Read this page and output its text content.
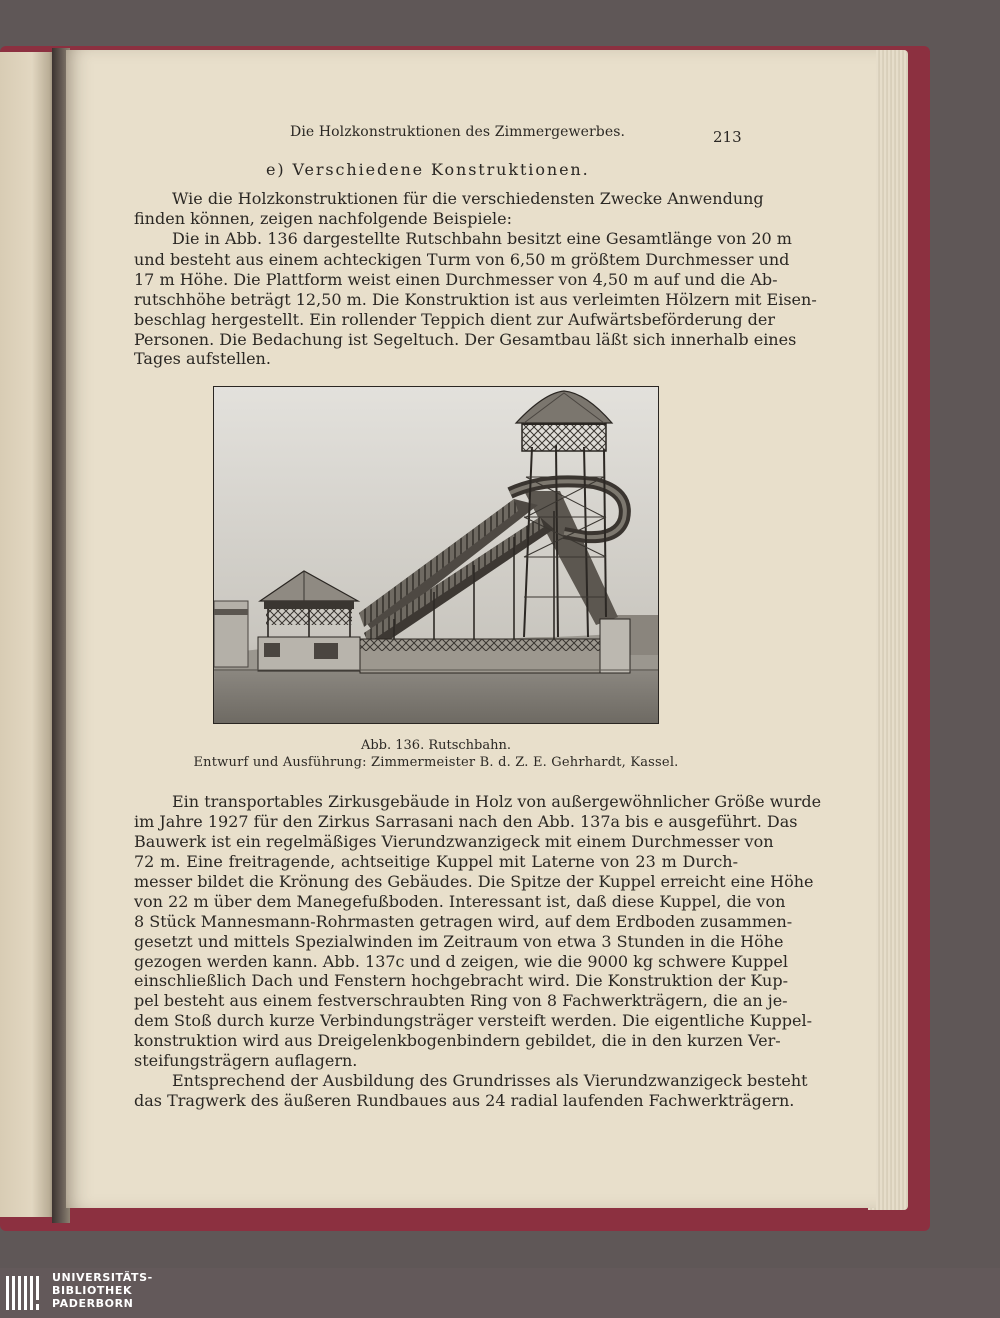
Die Holzkonstruktionen des Zimmergewerbes.	213
e) Verschiedene Konstruktionen.
Wie die Holzkonstruktionen für die verschiedensten Zwecke Anwendung
finden können, zeigen nachfolgende Beispiele:
Die in Abb. 136 dargestellte Rutschbahn besitzt eine Gesamtlänge von 20 m
und besteht aus einem achteckigen Turm von 6,50 m größtem Durchmesser und
17 m Höhe. Die Plattform weist einen Durchmesser von 4,50 m auf und die Ab-
rutschhöhe beträgt 12,50 m. Die Konstruktion ist aus verleimten Hölzern mit Eisen-
beschlag hergestellt. Ein rollender Teppich dient zur Aufwärtsbeförderung der
Personen. Die Bedachung ist Segeltuch. Der Gesamtbau läßt sich innerhalb eines
Tages aufstellen.
Abb. 136. Rutschbahn.
Entwurf und Ausführung: Zimmermeister B. d. Z. E. Gehrhardt, Kassel.
Ein transportables Zirkusgebäude in Holz von außergewöhnlicher Größe wurde
im Jahre 1927 für den Zirkus Sarrasani nach den Abb. 137a bis e ausgeführt. Das
Bauwerk ist ein regelmäßiges Vierundzwanzigeck mit einem Durchmesser von
72 m. Eine freitragende, achtseitige Kuppel mit Laterne von 23 m Durch-
messer bildet die Krönung des Gebäudes. Die Spitze der Kuppel erreicht eine Höhe
von 22 m über dem Manegefußboden. Interessant ist, daß diese Kuppel, die von
8 Stück Mannesmann-Rohrmasten getragen wird, auf dem Erdboden zusammen-
gesetzt und mittels Spezialwinden im Zeitraum von etwa 3 Stunden in die Höhe
gezogen werden kann. Abb. 137c und d zeigen, wie die 9000 kg schwere Kuppel
einschließlich Dach und Fenstern hochgebracht wird. Die Konstruktion der Kup-
pel besteht aus einem festverschraubten Ring von 8 Fachwerkträgern, die an je-
dem Stoß durch kurze Verbindungsträger versteift werden. Die eigentliche Kuppel-
konstruktion wird aus Dreigelenkbogenbindern gebildet, die in den kurzen Ver-
steifungsträgern auflagern.
Entsprechend der Ausbildung des Grundrisses als Vierundzwanzigeck besteht
das Tragwerk des äußeren Rundbaues aus 24 radial laufenden Fachwerkträgern.
UNIVERSITÄTS-
BIBLIOTHEK
PADERBORN
